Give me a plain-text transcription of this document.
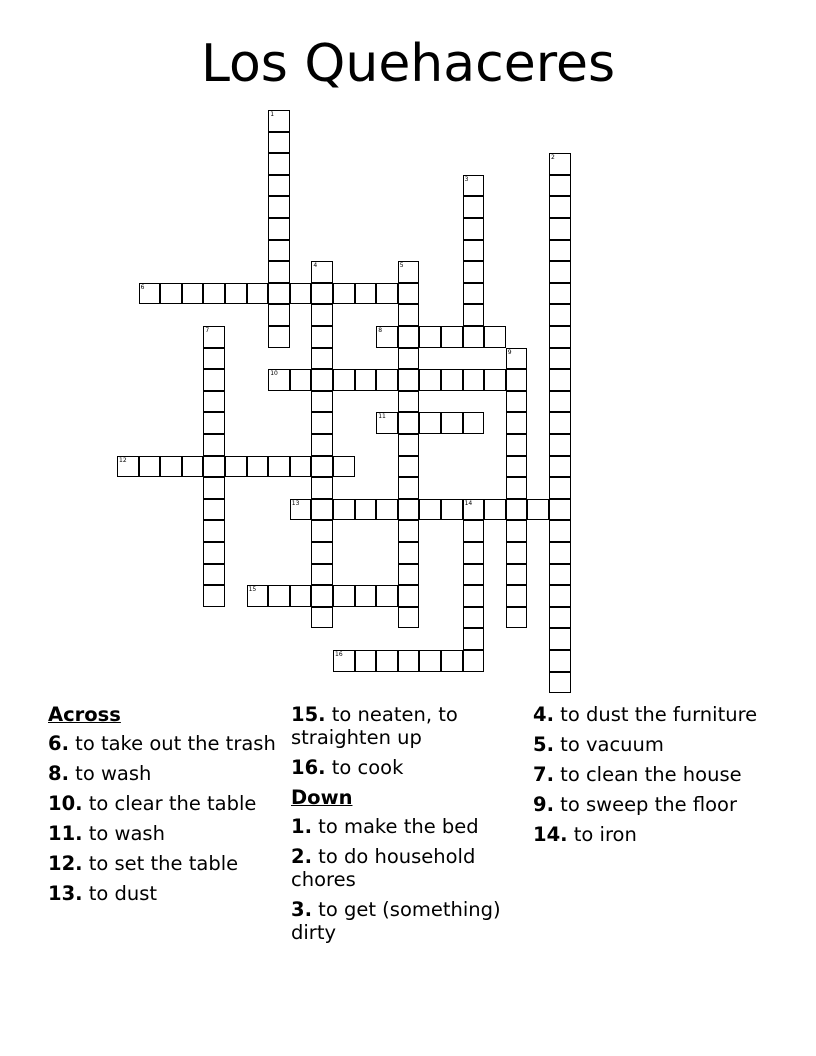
Los Quehaceres
1
2
3
4	5
6
7	8
9
10
11
12
13	14
15
16
Across
6. to take out the trash
8. to wash
10. to clear the table
11. to wash
12. to set the table
13. to dust
15. to neaten, to straighten up
16. to cook
Down
1. to make the bed
2. to do household chores
3. to get (something) dirty
4. to dust the furniture
5. to vacuum
7. to clean the house
9. to sweep the floor
14. to iron
